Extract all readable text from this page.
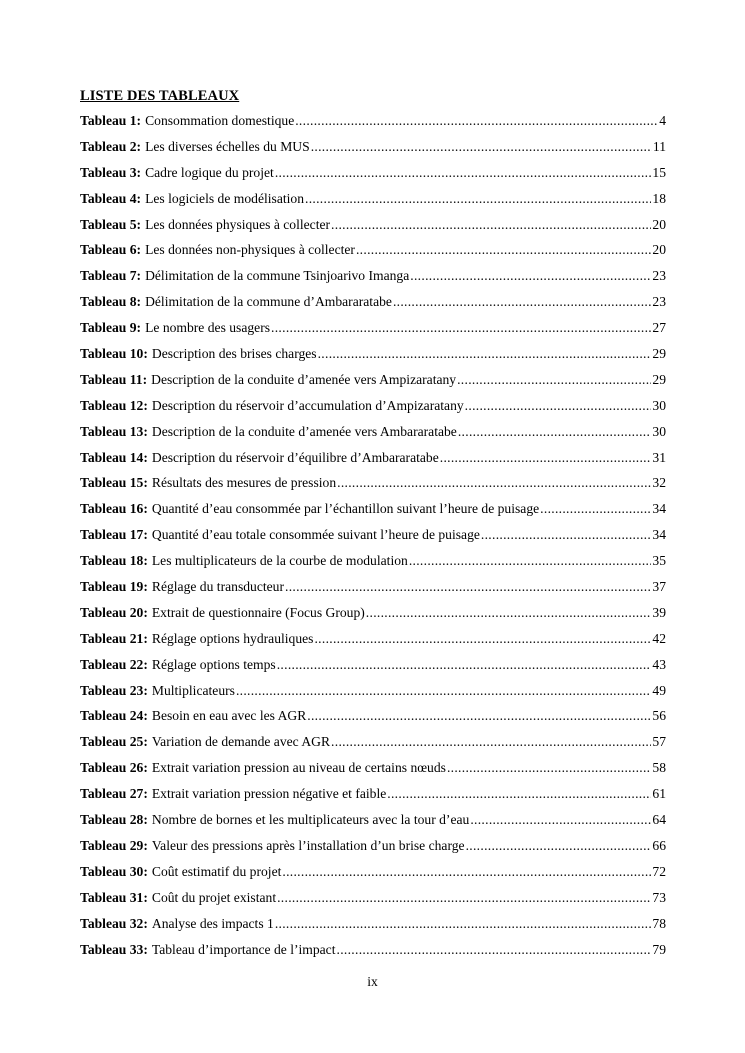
LISTE DES TABLEAUX
Tableau 1: Consommation domestique .....	4
Tableau 2: Les diverses échelles du MUS .....	11
Tableau 3: Cadre logique du projet .....	15
Tableau 4: Les logiciels de modélisation .....	18
Tableau 5: Les données physiques à collecter .....	20
Tableau 6: Les données non-physiques à collecter .....	20
Tableau 7: Délimitation de la commune Tsinjoarivo Imanga .....	23
Tableau 8: Délimitation de la commune d’Ambararatabe .....	23
Tableau 9: Le nombre des usagers .....	27
Tableau 10: Description des brises charges .....	29
Tableau 11: Description de la conduite d’amenée vers Ampizaratany .....	29
Tableau 12: Description du réservoir d’accumulation d’Ampizaratany .....	30
Tableau 13: Description de la conduite d’amenée vers Ambararatabe .....	30
Tableau 14: Description du réservoir d’équilibre d’Ambararatabe .....	31
Tableau 15: Résultats des mesures de pression .....	32
Tableau 16: Quantité d’eau consommée par l’échantillon suivant l’heure de puisage .....	34
Tableau 17: Quantité d’eau totale consommée suivant l’heure de puisage .....	34
Tableau 18: Les multiplicateurs de la courbe de modulation .....	35
Tableau 19: Réglage du transducteur .....	37
Tableau 20: Extrait de questionnaire (Focus Group) .....	39
Tableau 21: Réglage options hydrauliques .....	42
Tableau 22: Réglage options temps .....	43
Tableau 23: Multiplicateurs .....	49
Tableau 24: Besoin en eau avec les AGR .....	56
Tableau 25: Variation de demande avec AGR .....	57
Tableau 26: Extrait variation pression au niveau de certains nœuds .....	58
Tableau 27: Extrait variation pression négative et faible .....	61
Tableau 28: Nombre de bornes et les multiplicateurs avec la tour d’eau .....	64
Tableau 29: Valeur des pressions après l’installation d’un brise charge .....	66
Tableau 30: Coût estimatif du projet .....	72
Tableau 31: Coût du projet existant .....	73
Tableau 32: Analyse des impacts 1 .....	78
Tableau 33: Tableau d’importance de l’impact .....	79
ix
